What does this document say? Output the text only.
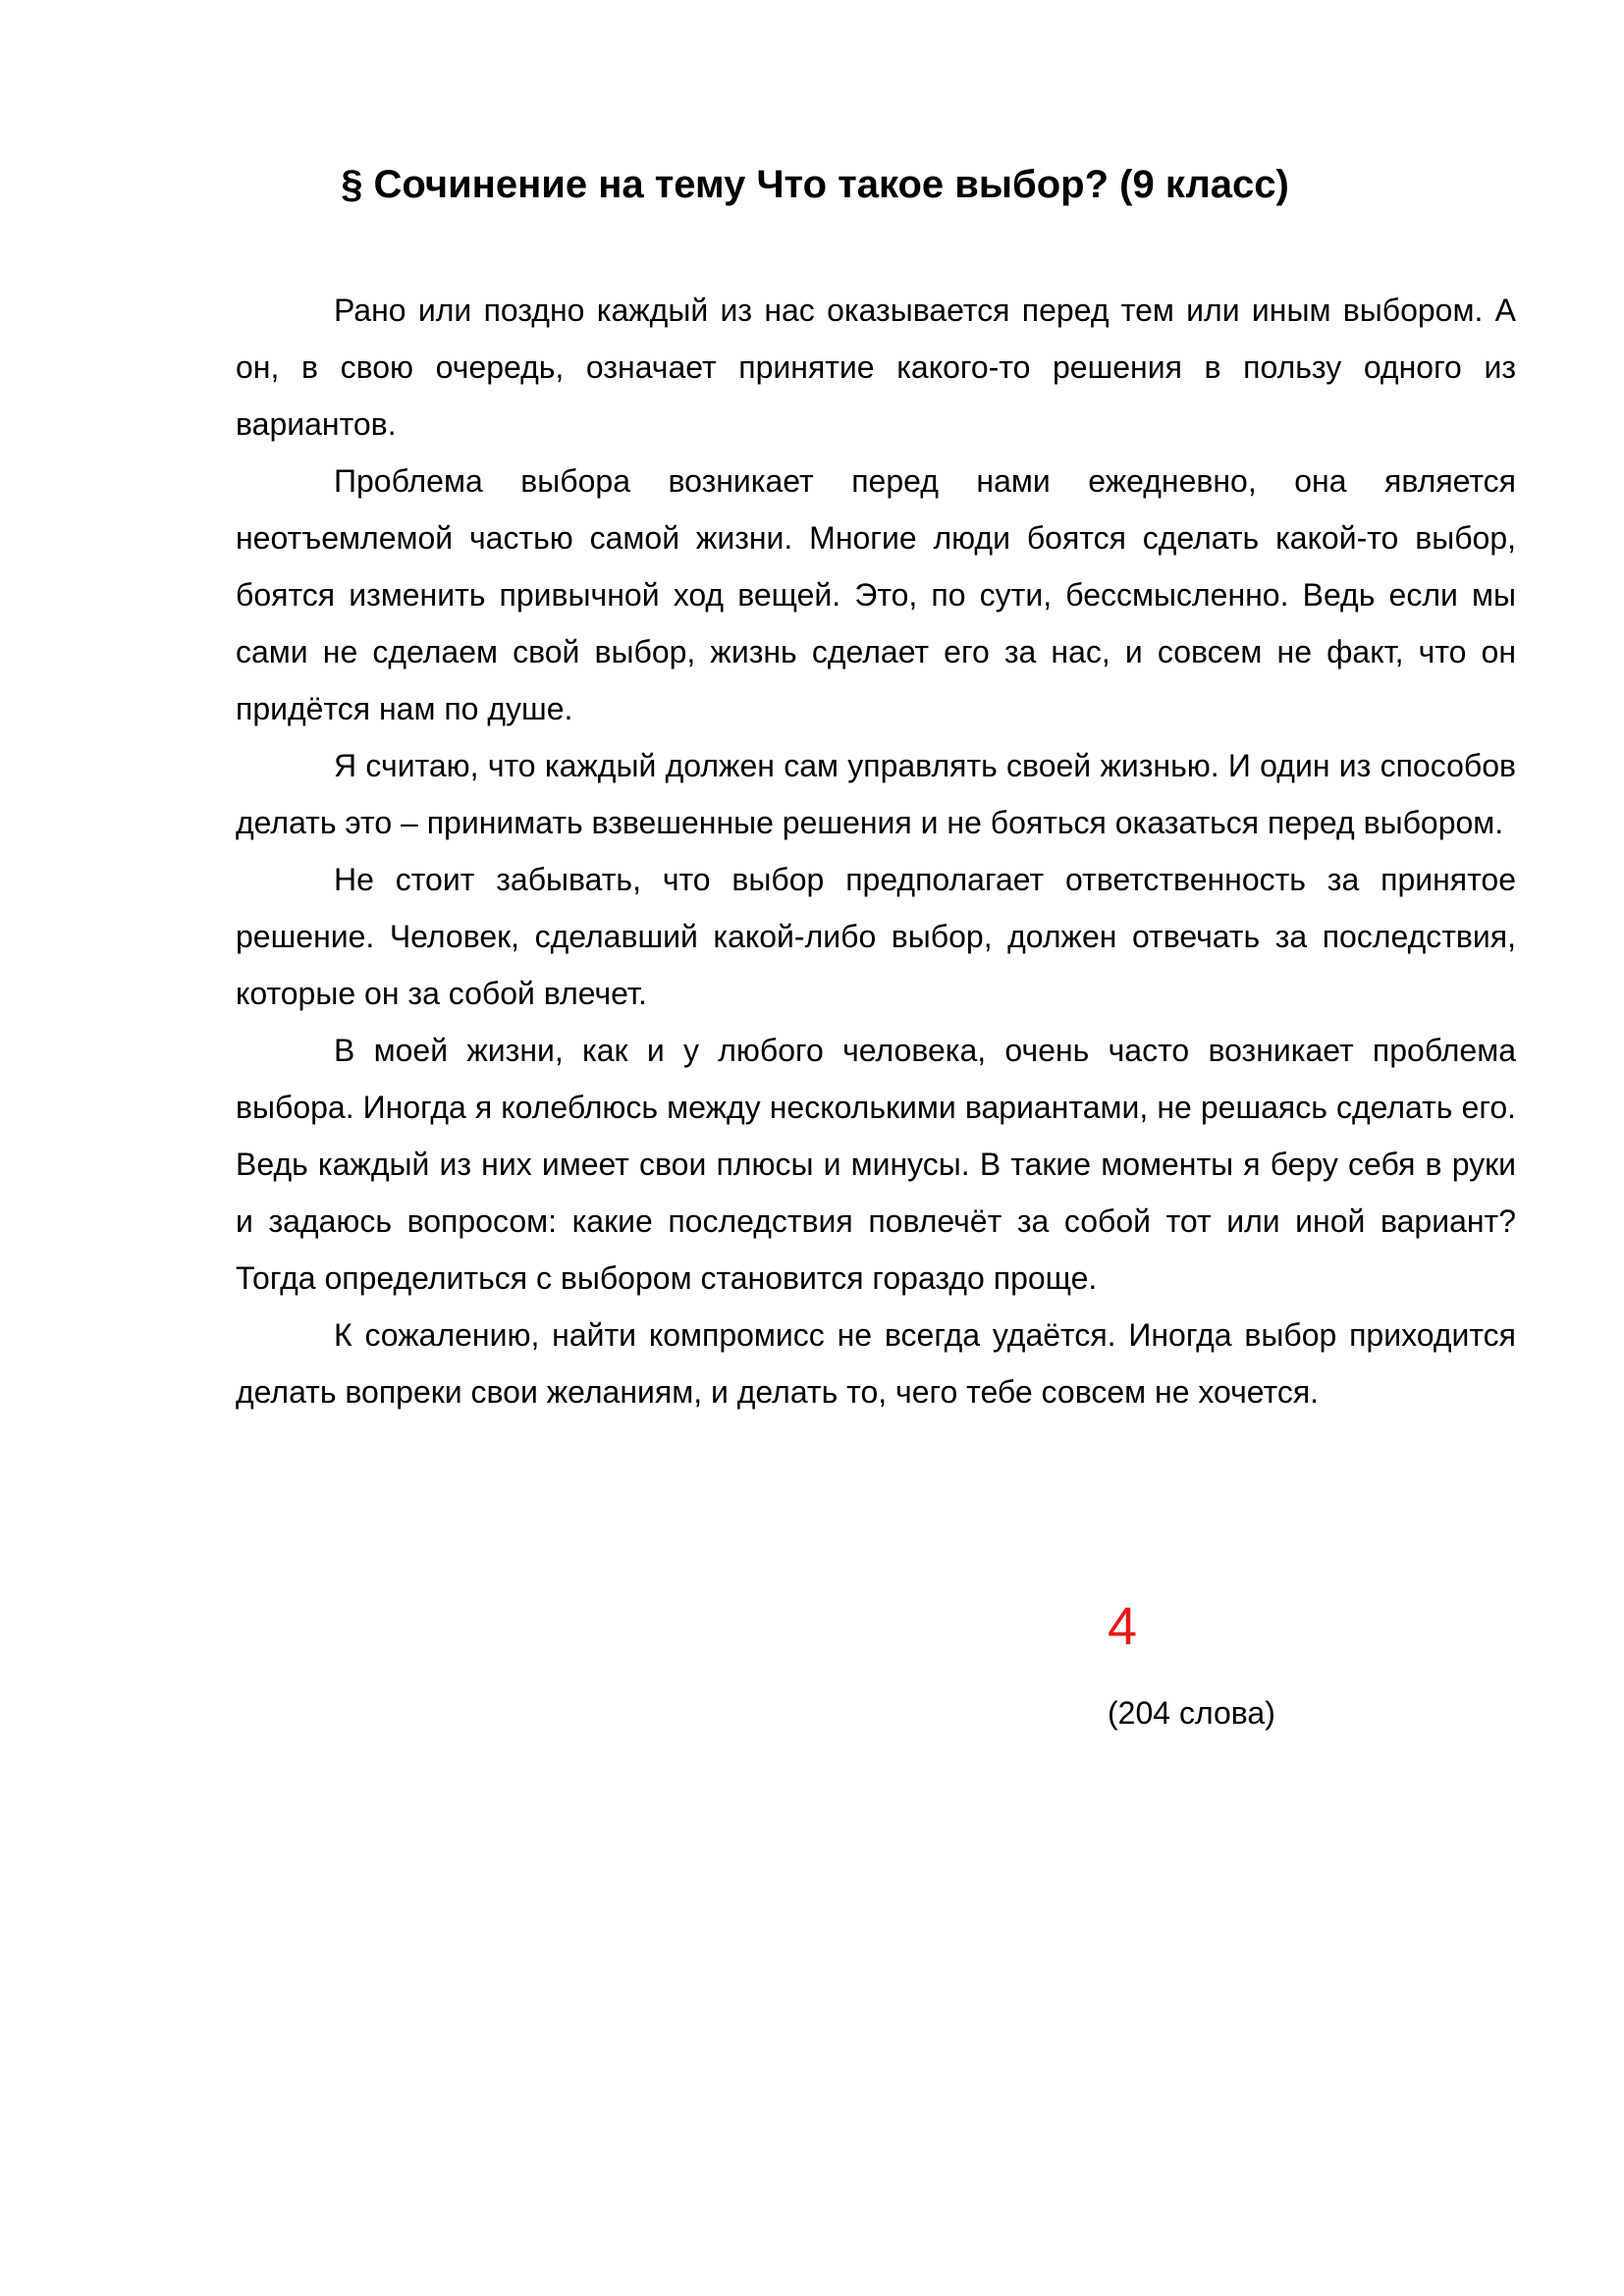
§ Сочинение на тему Что такое выбор? (9 класс)

Рано или поздно каждый из нас оказывается перед тем или иным выбором. А он, в свою очередь, означает принятие какого-то решения в пользу одного из вариантов.

Проблема выбора возникает перед нами ежедневно, она является неотъемлемой частью самой жизни. Многие люди боятся сделать какой-то выбор, боятся изменить привычной ход вещей. Это, по сути, бессмысленно. Ведь если мы сами не сделаем свой выбор, жизнь сделает его за нас, и совсем не факт, что он придётся нам по душе.

Я считаю, что каждый должен сам управлять своей жизнью. И один из способов делать это – принимать взвешенные решения и не бояться оказаться перед выбором.

Не стоит забывать, что выбор предполагает ответственность за принятое решение. Человек, сделавший какой-либо выбор, должен отвечать за последствия, которые он за собой влечет.

В моей жизни, как и у любого человека, очень часто возникает проблема выбора. Иногда я колеблюсь между несколькими вариантами, не решаясь сделать его. Ведь каждый из них имеет свои плюсы и минусы. В такие моменты я беру себя в руки и задаюсь вопросом: какие последствия повлечёт за собой тот или иной вариант? Тогда определиться с выбором становится гораздо проще.

К сожалению, найти компромисс не всегда удаётся. Иногда выбор приходится делать вопреки свои желаниям, и делать то, чего тебе совсем не хочется.

4
(204 слова)
